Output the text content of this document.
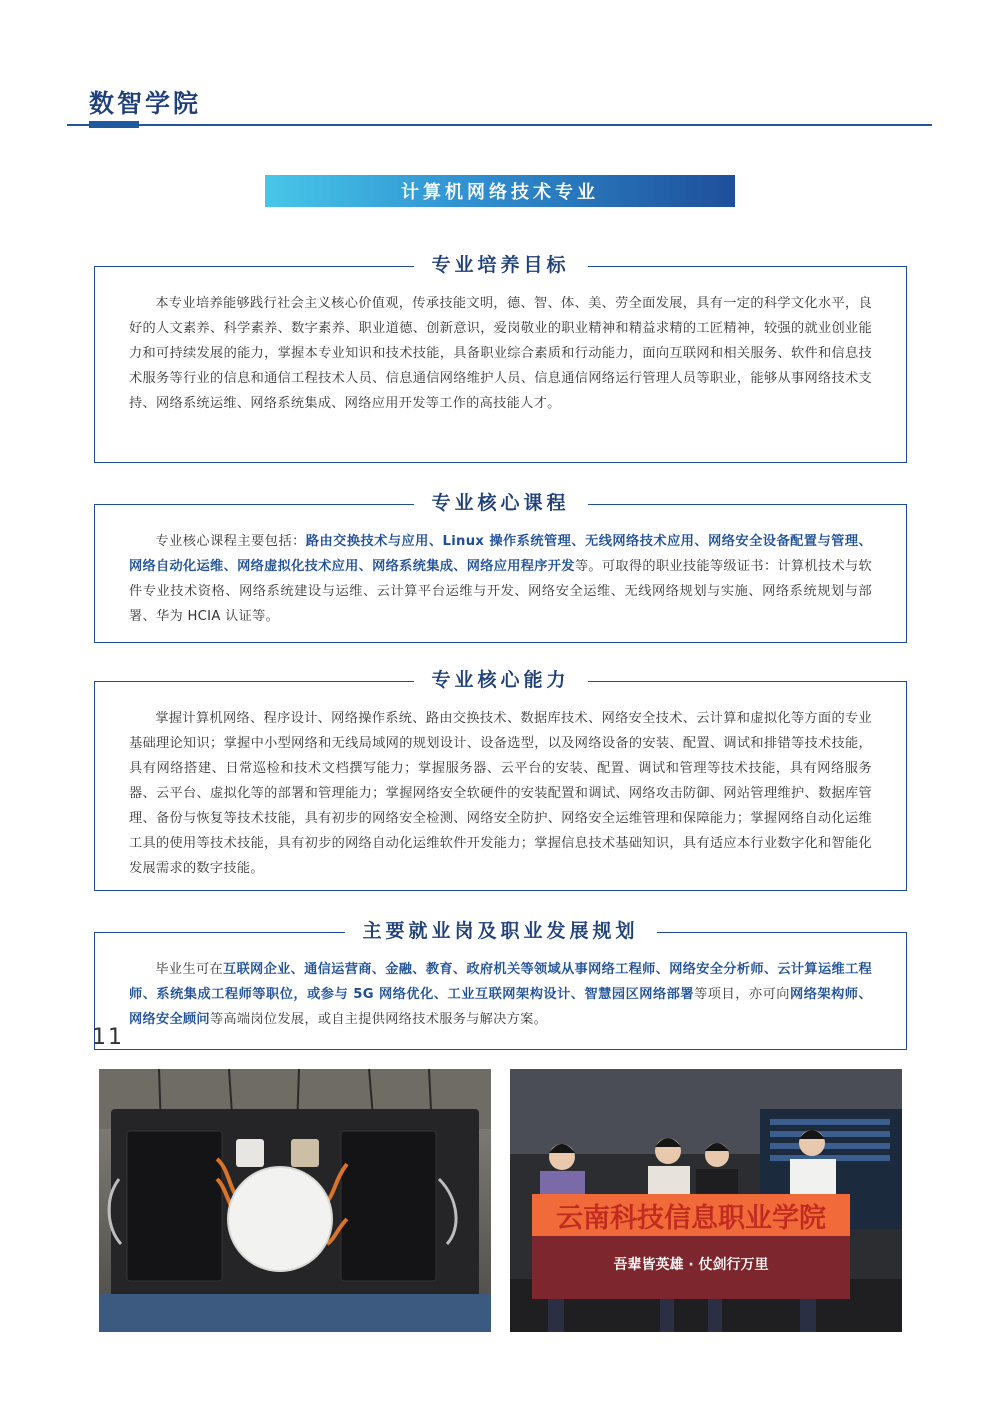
数智学院
计算机网络技术专业
专业培养目标

本专业培养能够践行社会主义核心价值观，传承技能文明，德、智、体、美、劳全面发展，具有一定的科学文化水平，良好的人文素养、科学素养、数字素养、职业道德、创新意识，爱岗敬业的职业精神和精益求精的工匠精神，较强的就业创业能力和可持续发展的能力，掌握本专业知识和技术技能，具备职业综合素质和行动能力，面向互联网和相关服务、软件和信息技术服务等行业的信息和通信工程技术人员、信息通信网络维护人员、信息通信网络运行管理人员等职业，能够从事网络技术支持、网络系统运维、网络系统集成、网络应用开发等工作的高技能人才。

专业核心课程

专业核心课程主要包括：路由交换技术与应用、Linux 操作系统管理、无线网络技术应用、网络安全设备配置与管理、网络自动化运维、网络虚拟化技术应用、网络系统集成、网络应用程序开发等。可取得的职业技能等级证书：计算机技术与软件专业技术资格、网络系统建设与运维、云计算平台运维与开发、网络安全运维、无线网络规划与实施、网络系统规划与部署、华为 HCIA 认证等。

专业核心能力

掌握计算机网络、程序设计、网络操作系统、路由交换技术、数据库技术、网络安全技术、云计算和虚拟化等方面的专业基础理论知识；掌握中小型网络和无线局域网的规划设计、设备选型，以及网络设备的安装、配置、调试和排错等技术技能，具有网络搭建、日常巡检和技术文档撰写能力；掌握服务器、云平台的安装、配置、调试和管理等技术技能，具有网络服务器、云平台、虚拟化等的部署和管理能力；掌握网络安全软硬件的安装配置和调试、网络攻击防御、网站管理维护、数据库管理、备份与恢复等技术技能，具有初步的网络安全检测、网络安全防护、网络安全运维管理和保障能力；掌握网络自动化运维工具的使用等技术技能，具有初步的网络自动化运维软件开发能力；掌握信息技术基础知识，具有适应本行业数字化和智能化发展需求的数字技能。

主要就业岗及职业发展规划

毕业生可在互联网企业、通信运营商、金融、教育、政府机关等领域从事网络工程师、网络安全分析师、云计算运维工程师、系统集成工程师等职位，或参与 5G 网络优化、工业互联网架构设计、智慧园区网络部署等项目，亦可向网络架构师、网络安全顾问等高端岗位发展，或自主提供网络技术服务与解决方案。

云南科技信息职业学院
吾辈皆英雄 · 仗剑行万里
11
